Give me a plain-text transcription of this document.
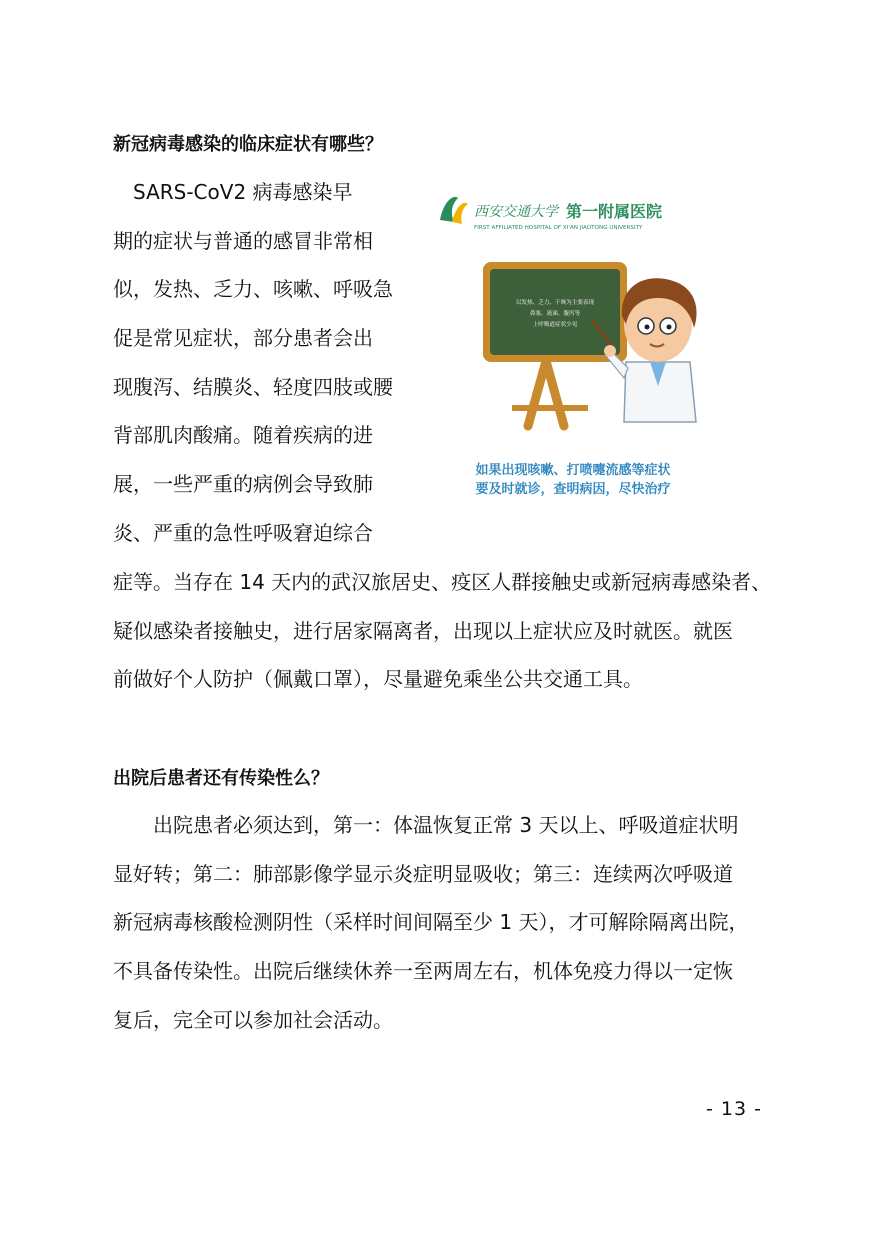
新冠病毒感染的临床症状有哪些？
　SARS-CoV2 病毒感染早
期的症状与普通的感冒非常相
似，发热、乏力、咳嗽、呼吸急
促是常见症状，部分患者会出
现腹泻、结膜炎、轻度四肢或腰
背部肌肉酸痛。随着疾病的进
展，一些严重的病例会导致肺
炎、严重的急性呼吸窘迫综合
症等。当存在 14 天内的武汉旅居史、疫区人群接触史或新冠病毒感染者、
疑似感染者接触史，进行居家隔离者，出现以上症状应及时就医。就医
前做好个人防护（佩戴口罩），尽量避免乘坐公共交通工具。
西安交通大学 第一附属医院
FIRST AFFILIATED HOSPITAL OF XI'AN JIAOTONG UNIVERSITY
以发热、乏力、干咳为主要表现
鼻塞、流涕、腹泻等
上呼吸道症状少见
如果出现咳嗽、打喷嚏流感等症状
要及时就诊，查明病因，尽快治疗
出院后患者还有传染性么？
　　出院患者必须达到，第一：体温恢复正常 3 天以上、呼吸道症状明
显好转；第二：肺部影像学显示炎症明显吸收；第三：连续两次呼吸道
新冠病毒核酸检测阴性（采样时间间隔至少 1 天），才可解除隔离出院，
不具备传染性。出院后继续休养一至两周左右，机体免疫力得以一定恢
复后，完全可以参加社会活动。
- 13 -
